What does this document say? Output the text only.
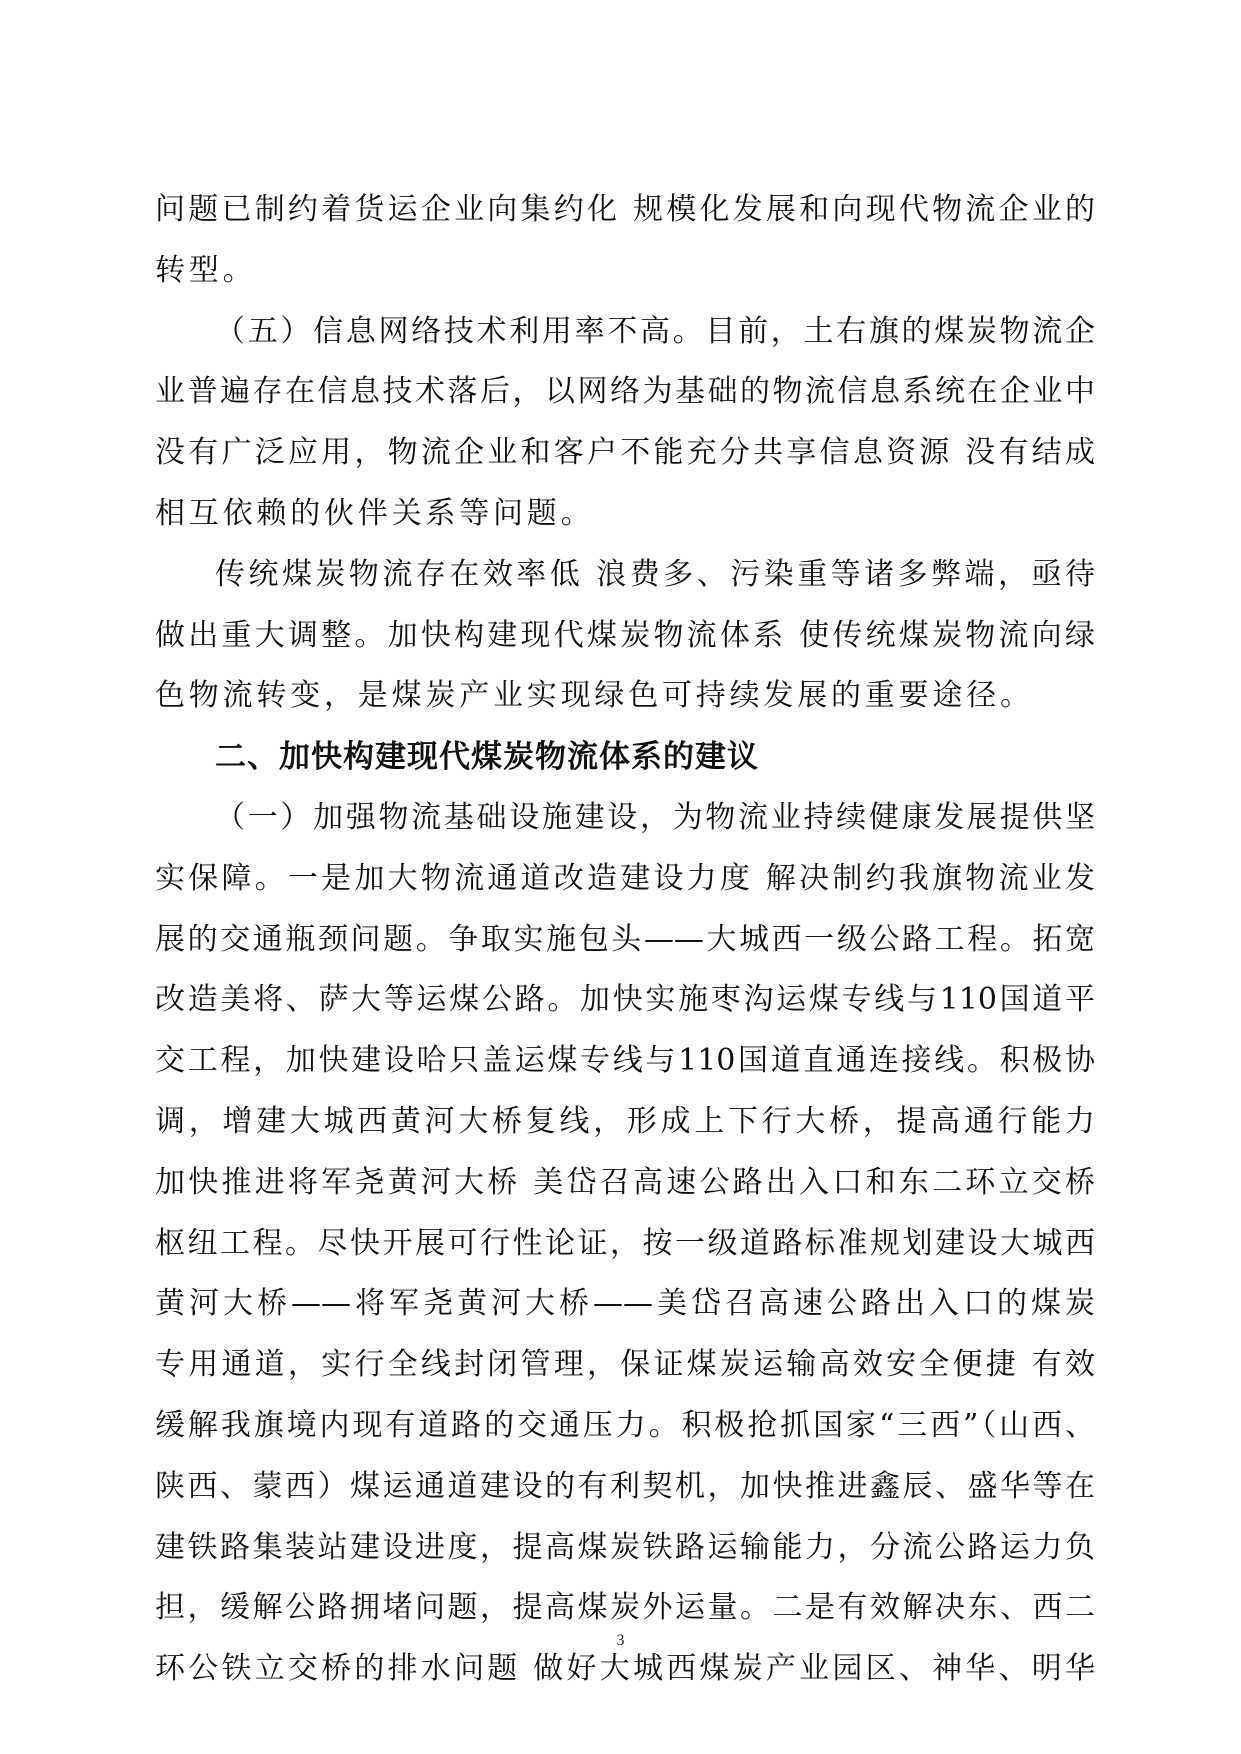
问题已制约着货运企业向集约化 规模化发展和向现代物流企业的
转型。
（五）信息网络技术利用率不高。目前，土右旗的煤炭物流企
业普遍存在信息技术落后，以网络为基础的物流信息系统在企业中
没有广泛应用，物流企业和客户不能充分共享信息资源 没有结成
相互依赖的伙伴关系等问题。
传统煤炭物流存在效率低 浪费多、污染重等诸多弊端，亟待
做出重大调整。加快构建现代煤炭物流体系 使传统煤炭物流向绿
色物流转变，是煤炭产业实现绿色可持续发展的重要途径。
二、加快构建现代煤炭物流体系的建议
（一）加强物流基础设施建设，为物流业持续健康发展提供坚
实保障。一是加大物流通道改造建设力度 解决制约我旗物流业发
展的交通瓶颈问题。争取实施包头——大城西一级公路工程。拓宽
改造美将、萨大等运煤公路。加快实施枣沟运煤专线与110国道平
交工程，加快建设哈只盖运煤专线与110国道直通连接线。积极协
调，增建大城西黄河大桥复线，形成上下行大桥，提高通行能力
加快推进将军尧黄河大桥 美岱召高速公路出入口和东二环立交桥
枢纽工程。尽快开展可行性论证，按一级道路标准规划建设大城西
黄河大桥——将军尧黄河大桥——美岱召高速公路出入口的煤炭
专用通道，实行全线封闭管理，保证煤炭运输高效安全便捷 有效
缓解我旗境内现有道路的交通压力。积极抢抓国家“三西”（山西、
陕西、蒙西）煤运通道建设的有利契机，加快推进鑫辰、盛华等在
建铁路集装站建设进度，提高煤炭铁路运输能力，分流公路运力负
担，缓解公路拥堵问题，提高煤炭外运量。二是有效解决东、西二
环公铁立交桥的排水问题 做好大城西煤炭产业园区、神华、明华
3
